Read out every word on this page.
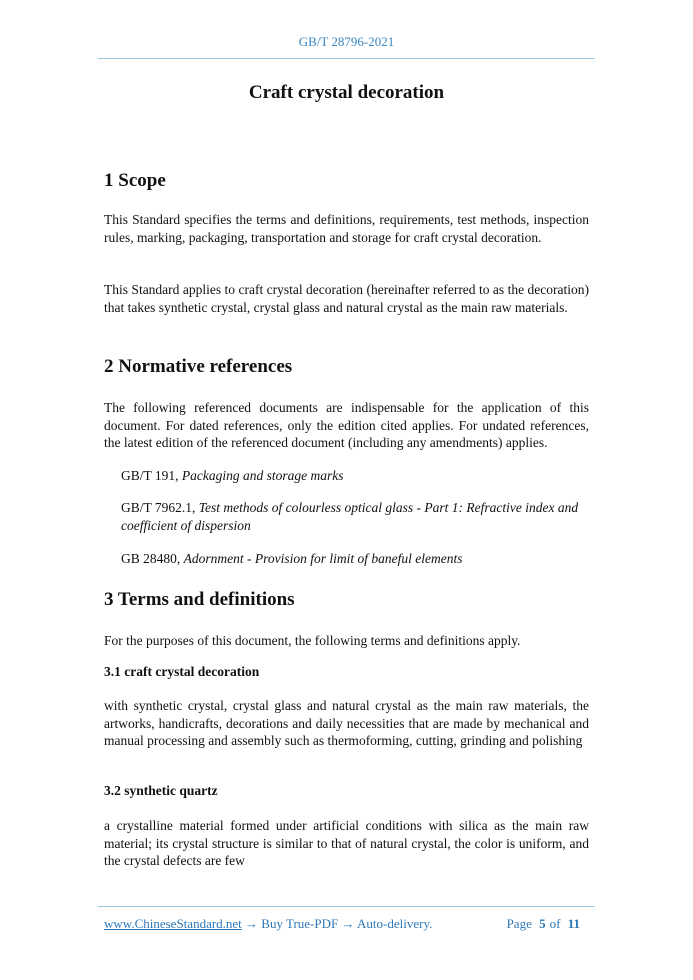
GB/T 28796-2021
Craft crystal decoration
1 Scope

This Standard specifies the terms and definitions, requirements, test methods, inspection rules, marking, packaging, transportation and storage for craft crystal decoration.

This Standard applies to craft crystal decoration (hereinafter referred to as the decoration) that takes synthetic crystal, crystal glass and natural crystal as the main raw materials.

2 Normative references

The following referenced documents are indispensable for the application of this document. For dated references, only the edition cited applies. For undated references, the latest edition of the referenced document (including any amendments) applies.

GB/T 191, Packaging and storage marks

GB/T 7962.1, Test methods of colourless optical glass - Part 1: Refractive index and coefficient of dispersion

GB 28480, Adornment - Provision for limit of baneful elements

3 Terms and definitions

For the purposes of this document, the following terms and definitions apply.

3.1 craft crystal decoration

with synthetic crystal, crystal glass and natural crystal as the main raw materials, the artworks, handicrafts, decorations and daily necessities that are made by mechanical and manual processing and assembly such as thermoforming, cutting, grinding and polishing

3.2 synthetic quartz

a crystalline material formed under artificial conditions with silica as the main raw material; its crystal structure is similar to that of natural crystal, the color is uniform, and the crystal defects are few

www.ChineseStandard.net → Buy True-PDF → Auto-delivery.	Page 5 of 11
